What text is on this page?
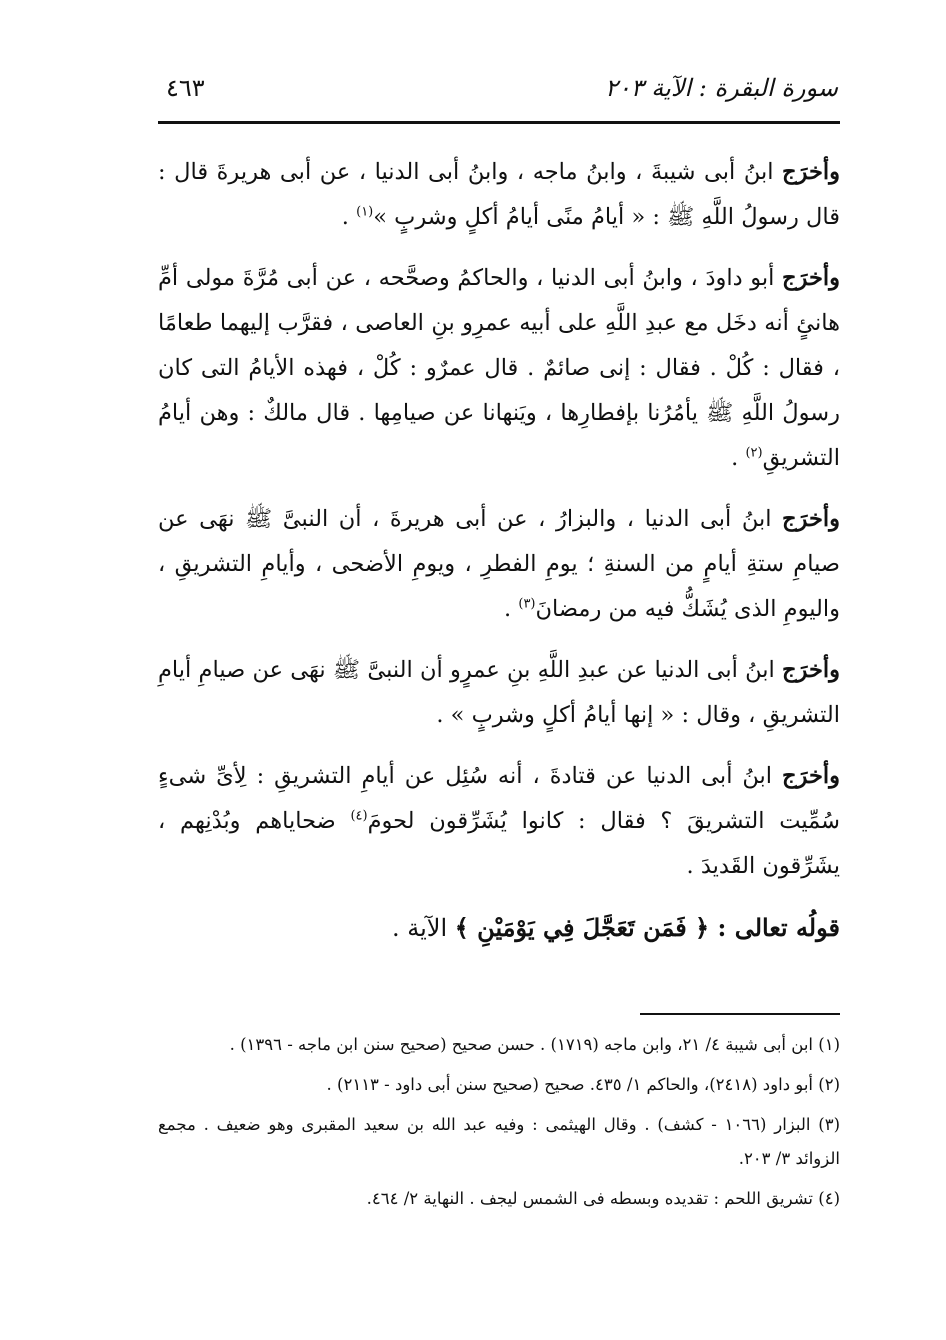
سورة البقرة : الآية ٢٠٣
٤٦٣

وأخرَج ابنُ أبى شيبةَ ، وابنُ ماجه ، وابنُ أبى الدنيا ، عن أبى هريرةَ قال : قال رسولُ اللَّهِ ﷺ : « أيامُ منًى أيامُ أكلٍ وشربٍ »$^{(١)}$ .

وأخرَج أبو داودَ ، وابنُ أبى الدنيا ، والحاكمُ وصحَّحه ، عن أبى مُرَّةَ مولى أمِّ هانئٍ أنه دخَل مع عبدِ اللَّهِ على أبيه عمرِو بنِ العاصى ، فقرَّب إليهما طعامًا ، فقال : كُلْ . فقال : إنى صائمٌ . قال عمرٌو : كُلْ ، فهذه الأيامُ التى كان رسولُ اللَّهِ ﷺ يأمُرُنا بإفطارِها ، ويَنهانا عن صيامِها . قال مالكٌ : وهن أيامُ التشريقِ$^{(٢)}$ .

وأخرَج ابنُ أبى الدنيا ، والبزارُ ، عن أبى هريرةَ ، أن النبىَّ ﷺ نهَى عن صيامِ ستةِ أيامٍ من السنةِ ؛ يومِ الفطرِ ، ويومِ الأضحى ، وأيامِ التشريقِ ، واليومِ الذى يُشَكُّ فيه من رمضانَ$^{(٣)}$ .

وأخرَج ابنُ أبى الدنيا عن عبدِ اللَّهِ بنِ عمرٍو أن النبىَّ ﷺ نهَى عن صيامِ أيامِ التشريقِ ، وقال : « إنها أيامُ أكلٍ وشربٍ » .

وأخرَج ابنُ أبى الدنيا عن قتادةَ ، أنه سُئِل عن أيامِ التشريقِ : لِأىِّ شىءٍ سُمِّيت التشريقَ ؟ فقال : كانوا يُشَرِّقون لحومَ$^{(٤)}$ ضحاياهم وبُدْنِهم ، يشَرِّقون القَديدَ .

قولُه تعالى : ﴿ فَمَن تَعَجَّلَ فِي يَوْمَيْنِ ﴾ الآية .

(١) ابن أبى شيبة ٤/ ٢١، وابن ماجه (١٧١٩) . حسن صحيح (صحيح سنن ابن ماجه - ١٣٩٦) .

(٢) أبو داود (٢٤١٨)، والحاكم ١/ ٤٣٥. صحيح (صحيح سنن أبى داود - ٢١١٣) .

(٣) البزار (١٠٦٦ - كشف) . وقال الهيثمى : وفيه عبد الله بن سعيد المقبرى وهو ضعيف . مجمع الزوائد ٣/ ٢٠٣.

(٤) تشريق اللحم : تقديده وبسطه فى الشمس ليجف . النهاية ٢/ ٤٦٤.
